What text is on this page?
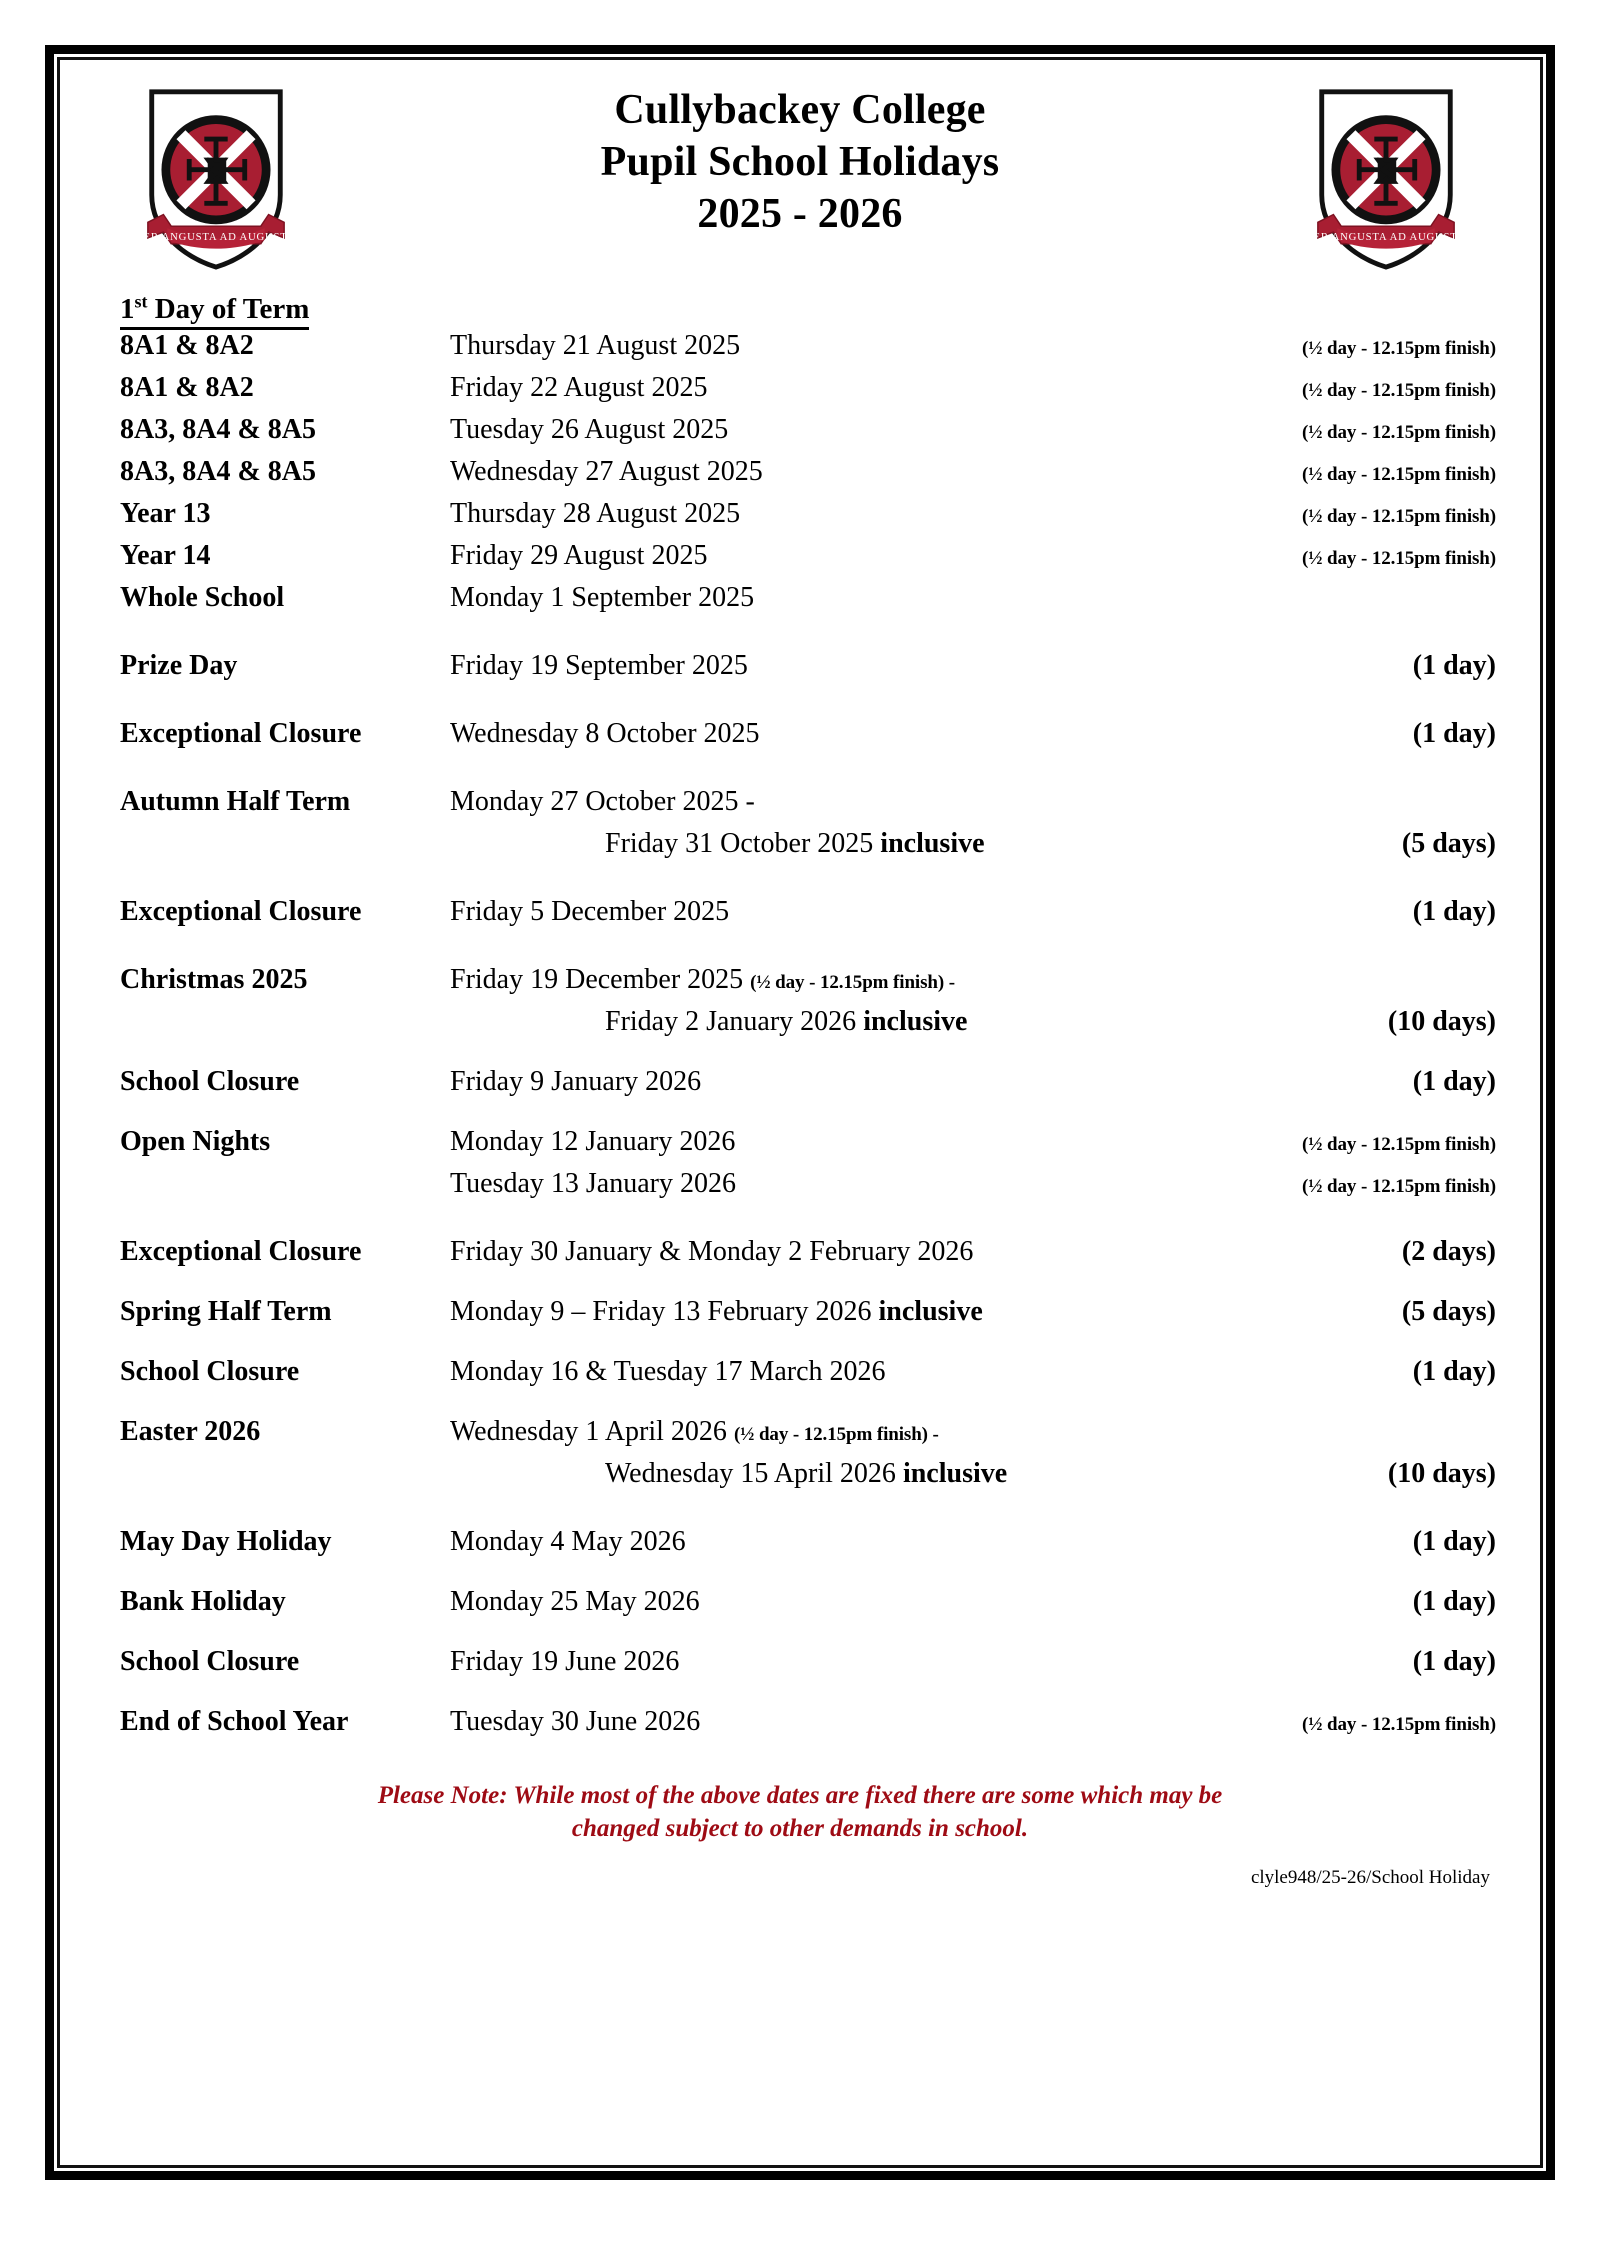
PER ANGUSTA AD AUGUSTA
Cullybackey College
Pupil School Holidays
2025 - 2026	PER ANGUSTA AD AUGUSTA
1st Day of Term
8A1 & 8A2	Thursday 21 August 2025	(½ day - 12.15pm finish)
8A1 & 8A2	Friday 22 August 2025	(½ day - 12.15pm finish)
8A3, 8A4 & 8A5	Tuesday 26 August 2025	(½ day - 12.15pm finish)
8A3, 8A4 & 8A5	Wednesday 27 August 2025	(½ day - 12.15pm finish)
Year 13	Thursday 28 August 2025	(½ day - 12.15pm finish)
Year 14	Friday 29 August 2025	(½ day - 12.15pm finish)
Whole School	Monday 1 September 2025
Prize Day	Friday 19 September 2025	(1 day)
Exceptional Closure	Wednesday 8 October 2025	(1 day)
Autumn Half Term	Monday 27 October 2025 -
Friday 31 October 2025 inclusive	(5 days)
Exceptional Closure	Friday 5 December 2025	(1 day)
Christmas 2025	Friday 19 December 2025 (½ day - 12.15pm finish) -
Friday 2 January 2026 inclusive	(10 days)
School Closure	Friday 9 January 2026	(1 day)
Open Nights	Monday 12 January 2026	(½ day - 12.15pm finish)
Tuesday 13 January 2026	(½ day - 12.15pm finish)
Exceptional Closure	Friday 30 January & Monday 2 February 2026	(2 days)
Spring Half Term	Monday 9 – Friday 13 February 2026 inclusive	(5 days)
School Closure	Monday 16 & Tuesday 17 March 2026	(1 day)
Easter 2026	Wednesday 1 April 2026 (½ day - 12.15pm finish) -
Wednesday 15 April 2026 inclusive	(10 days)
May Day Holiday	Monday 4 May 2026	(1 day)
Bank Holiday	Monday 25 May 2026	(1 day)
School Closure	Friday 19 June 2026	(1 day)
End of School Year	Tuesday 30 June 2026	(½ day - 12.15pm finish)
Please Note: While most of the above dates are fixed there are some which may be
changed subject to other demands in school.
clyle948/25-26/School Holiday
